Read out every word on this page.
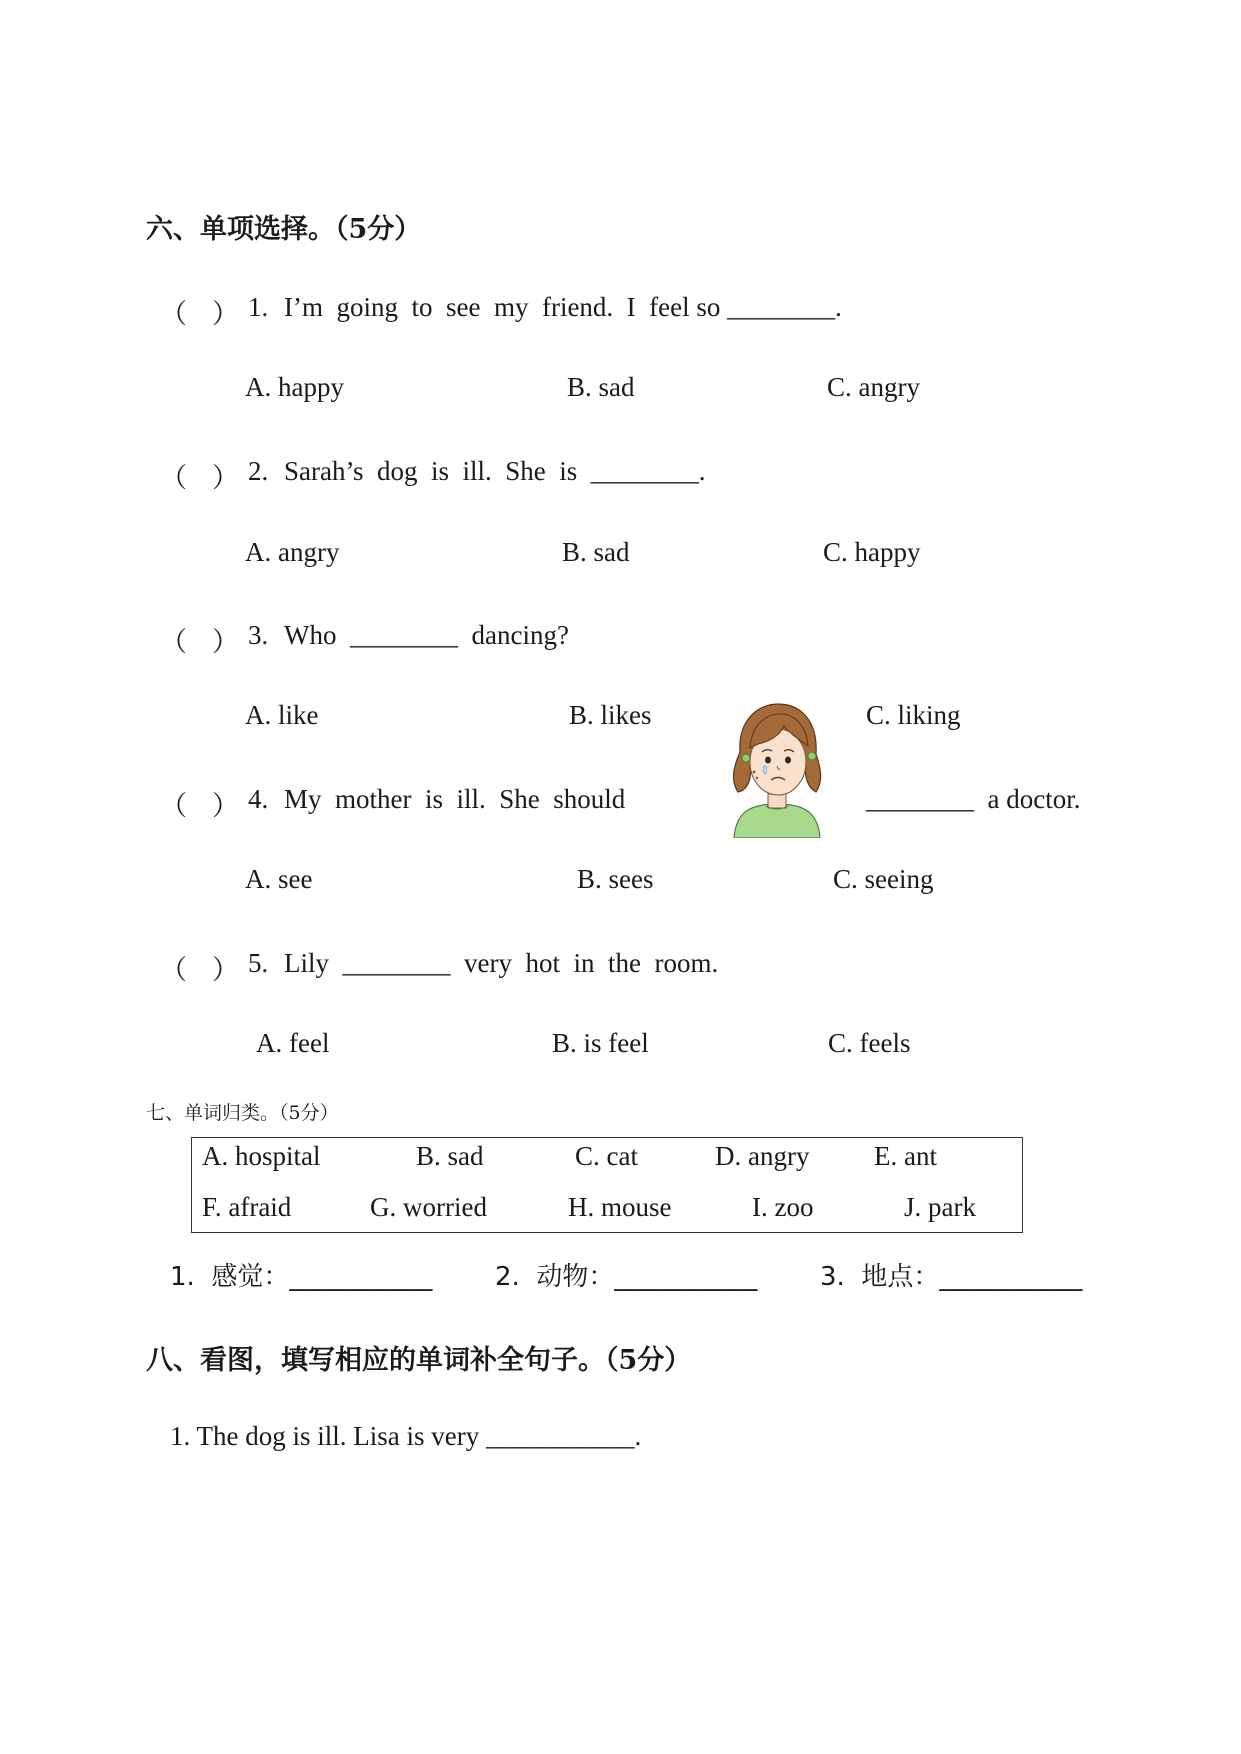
六、单项选择。（5分）
（ ） 1. I’m  going  to  see  my  friend.  I  feel so ________.
A. happy	B. sad	C. angry
（ ） 2. Sarah’s  dog  is  ill.  She  is  ________.
A. angry	B. sad	C. happy
（ ） 3. Who  ________  dancing?
A. like	B. likes	C. liking
（ ） 4. My  mother  is  ill.  She  should	________  a doctor.
A. see	B. sees	C. seeing
（ ） 5. Lily  ________  very  hot  in  the  room.
A. feel	B. is feel	C. feels
七、单词归类。（5分）
A. hospital	B. sad	C. cat	D. angry E. ant
F. afraid	G. worried	H. mouse	I. zoo	J. park
1.  感觉：___________ 2.  动物：___________ 3.  地点：___________
八、看图，填写相应的单词补全句子。（5分）
1. The dog is ill. Lisa is very ___________.
